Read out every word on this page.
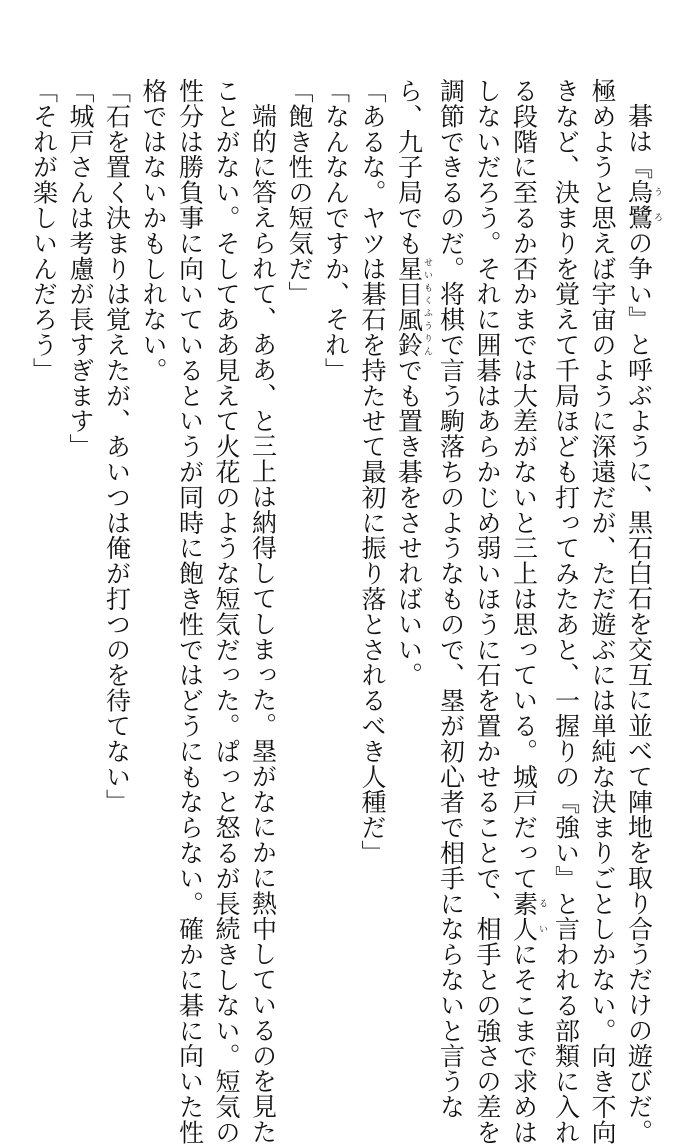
碁は『烏鷺うろの争い』と呼ぶように、黒石白石を交互に並べて陣地を取り合うだけの遊びだ。
極めようと思えば宇宙のように深遠だが、ただ遊ぶには単純な決まりごとしかない。向き不向
きなど、決まりを覚えて千局ほども打ってみたあと、一握りの『強い』と言われる部類に入れ
る段階に至るか否かまでは大差がないと三上は思っている。城戸だって素人るいにそこまで求めは
しないだろう。それに囲碁はあらかじめ弱いほうに石を置かせることで、相手との強さの差を
調節できるのだ。将棋で言う駒落ちのようなもので、塁が初心者で相手にならないと言うな
ら、九子局でも星目風鈴せいもくふうりんでも置き碁をさせればいい。
「あるな。ヤツは碁石を持たせて最初に振り落とされるべき人種だ」
「なんなんですか、それ」
「飽き性の短気だ」
端的に答えられて、ああ、と三上は納得してしまった。塁がなにかに熱中しているのを見た
ことがない。そしてああ見えて火花のような短気だった。ぱっと怒るが長続きしない。短気の
性分は勝負事に向いているというが同時に飽き性ではどうにもならない。確かに碁に向いた性
格ではないかもしれない。
「石を置く決まりは覚えたが、あいつは俺が打つのを待てない」
「城戸さんは考慮が長すぎます」
「それが楽しいんだろう」
